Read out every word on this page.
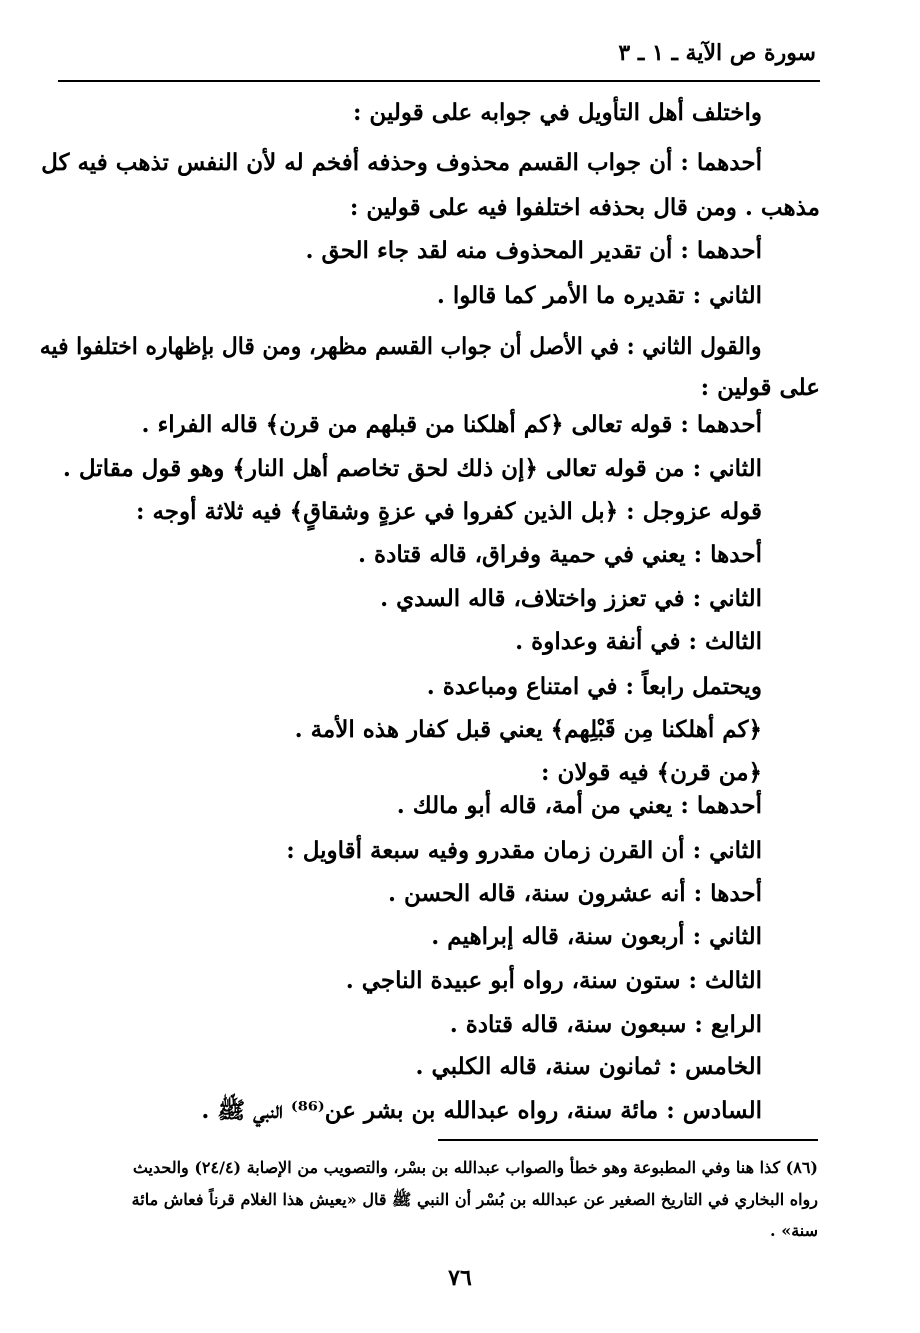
سورة ص الآية ـ ١ ـ ٣
واختلف أهل التأويل في جوابه على قولين :
أحدهما : أن جواب القسم محذوف وحذفه أفخم له لأن النفس تذهب فيه كل
مذهب . ومن قال بحذفه اختلفوا فيه على قولين :
أحدهما : أن تقدير المحذوف منه لقد جاء الحق .
الثاني : تقديره ما الأمر كما قالوا .
والقول الثاني : في الأصل أن جواب القسم مظهر، ومن قال بإظهاره اختلفوا فيه
على قولين :
أحدهما : قوله تعالى ﴿كم أهلكنا من قبلهم من قرن﴾ قاله الفراء .
الثاني : من قوله تعالى ﴿إن ذلك لحق تخاصم أهل النار﴾ وهو قول مقاتل .
قوله عزوجل : ﴿بل الذين كفروا في عزةٍ وشقاقٍ﴾ فيه ثلاثة أوجه :
أحدها : يعني في حمية وفراق، قاله قتادة .
الثاني : في تعزز واختلاف، قاله السدي .
الثالث : في أنفة وعداوة .
ويحتمل رابعاً : في امتناع ومباعدة .
﴿كم أهلكنا مِن قَبْلِهم﴾ يعني قبل كفار هذه الأمة .
﴿من قرن﴾ فيه قولان :
أحدهما : يعني من أمة، قاله أبو مالك .
الثاني : أن القرن زمان مقدرو وفيه سبعة أقاويل :
أحدها : أنه عشرون سنة، قاله الحسن .
الثاني : أربعون سنة، قاله إبراهيم .
الثالث : ستون سنة، رواه أبو عبيدة الناجي .
الرابع : سبعون سنة، قاله قتادة .
الخامس : ثمانون سنة، قاله الكلبي .
السادس : مائة سنة، رواه عبدالله بن بشر عن⁽⁸⁶⁾ النبي ﷺ .
(٨٦) كذا هنا وفي المطبوعة وهو خطأ والصواب عبدالله بن بسْر، والتصويب من الإصابة (٢٤/٤) والحديث
رواه البخاري في التاريخ الصغير عن عبدالله بن بُسْر أن النبي ﷺ قال «يعيش هذا الغلام قرناً فعاش مائة
سنة» .
٧٦
